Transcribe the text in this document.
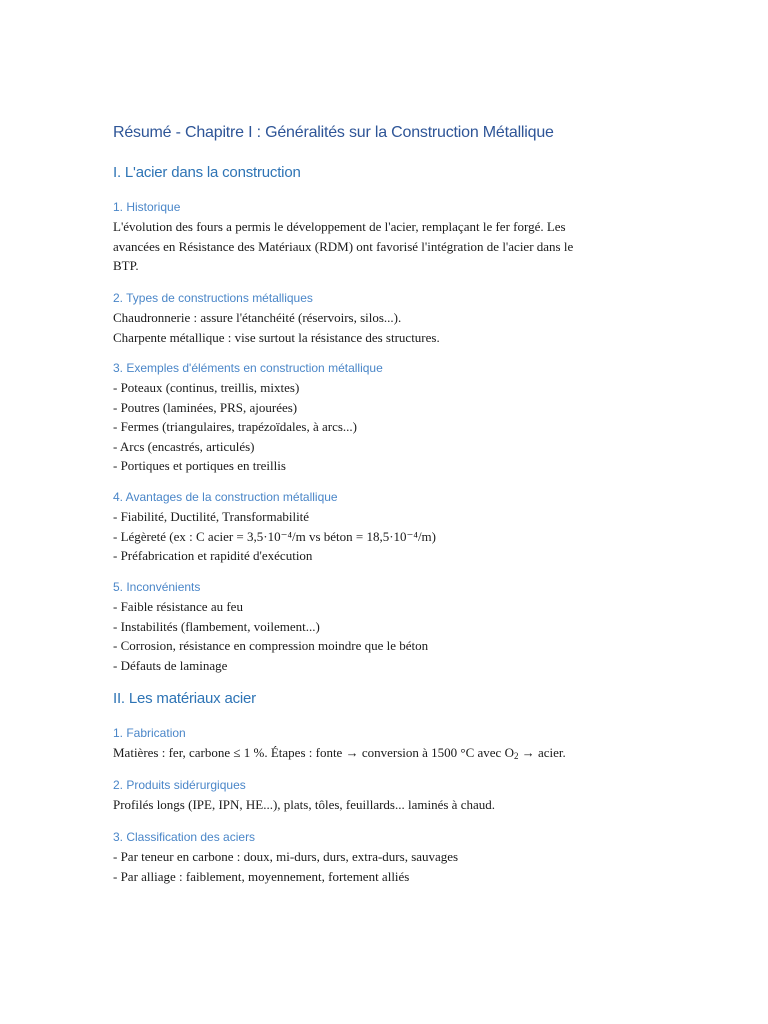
Résumé - Chapitre I : Généralités sur la Construction Métallique
I. L'acier dans la construction
1. Historique
L'évolution des fours a permis le développement de l'acier, remplaçant le fer forgé. Les
avancées en Résistance des Matériaux (RDM) ont favorisé l'intégration de l'acier dans le
BTP.
2. Types de constructions métalliques
Chaudronnerie : assure l'étanchéité (réservoirs, silos...).
Charpente métallique : vise surtout la résistance des structures.
3. Exemples d'éléments en construction métallique
- Poteaux (continus, treillis, mixtes)
- Poutres (laminées, PRS, ajourées)
- Fermes (triangulaires, trapézoïdales, à arcs...)
- Arcs (encastrés, articulés)
- Portiques et portiques en treillis
4. Avantages de la construction métallique
- Fiabilité, Ductilité, Transformabilité
- Légèreté (ex : C acier = 3,5·10⁻⁴/m vs béton = 18,5·10⁻⁴/m)
- Préfabrication et rapidité d'exécution
5. Inconvénients
- Faible résistance au feu
- Instabilités (flambement, voilement...)
- Corrosion, résistance en compression moindre que le béton
- Défauts de laminage
II. Les matériaux acier
1. Fabrication
Matières : fer, carbone ≤ 1 %. Étapes : fonte → conversion à 1500 °C avec $O_2$ → acier.
2. Produits sidérurgiques
Profilés longs (IPE, IPN, HE...), plats, tôles, feuillards... laminés à chaud.
3. Classification des aciers
- Par teneur en carbone : doux, mi-durs, durs, extra-durs, sauvages
- Par alliage : faiblement, moyennement, fortement alliés
